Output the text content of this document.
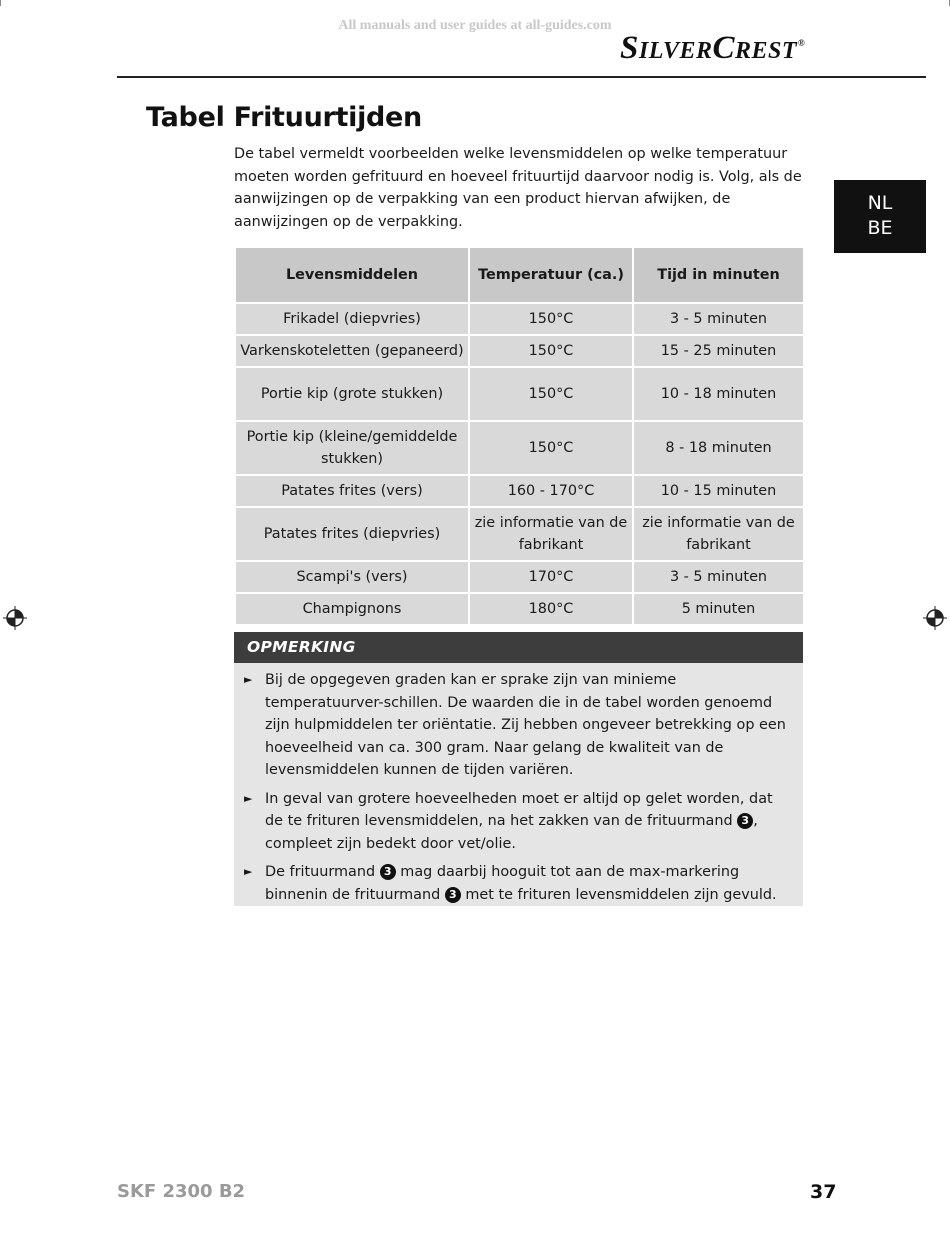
All manuals and user guides at all-guides.com
SILVERCREST®
Tabel Frituurtijden

De tabel vermeldt voorbeelden welke levensmiddelen op welke temperatuur moeten worden gefrituurd en hoeveel frituurtijd daarvoor nodig is. Volg, als de aanwijzingen op de verpakking van een product hiervan afwijken, de aanwijzingen op de verpakking.

NL
BE
Levensmiddelen	Temperatuur (ca.)	Tijd in minuten
Frikadel (diepvries)	150°C	3 - 5 minuten
Varkenskoteletten (gepaneerd)	150°C	15 - 25 minuten
Portie kip (grote stukken)	150°C	10 - 18 minuten
Portie kip (kleine/gemiddelde stukken)	150°C	8 - 18 minuten
Patates frites (vers)	160 - 170°C	10 - 15 minuten
Patates frites (diepvries)	zie informatie van de fabrikant	zie informatie van de fabrikant
Scampi's (vers)	170°C	3 - 5 minuten
Champignons	180°C	5 minuten
OPMERKING
► Bij de opgegeven graden kan er sprake zijn van minieme temperatuurver-schillen. De waarden die in de tabel worden genoemd zijn hulpmiddelen ter oriëntatie. Zij hebben ongeveer betrekking op een hoeveelheid van ca. 300 gram. Naar gelang de kwaliteit van de levensmiddelen kunnen de tijden variëren.
► In geval van grotere hoeveelheden moet er altijd op gelet worden, dat de te frituren levensmiddelen, na het zakken van de frituurmand 3 , compleet zijn bedekt door vet/olie.
► De frituurmand 3 mag daarbij hooguit tot aan de max-markering binnenin de frituurmand 3 met te frituren levensmiddelen zijn gevuld.
SKF 2300 B2	37
